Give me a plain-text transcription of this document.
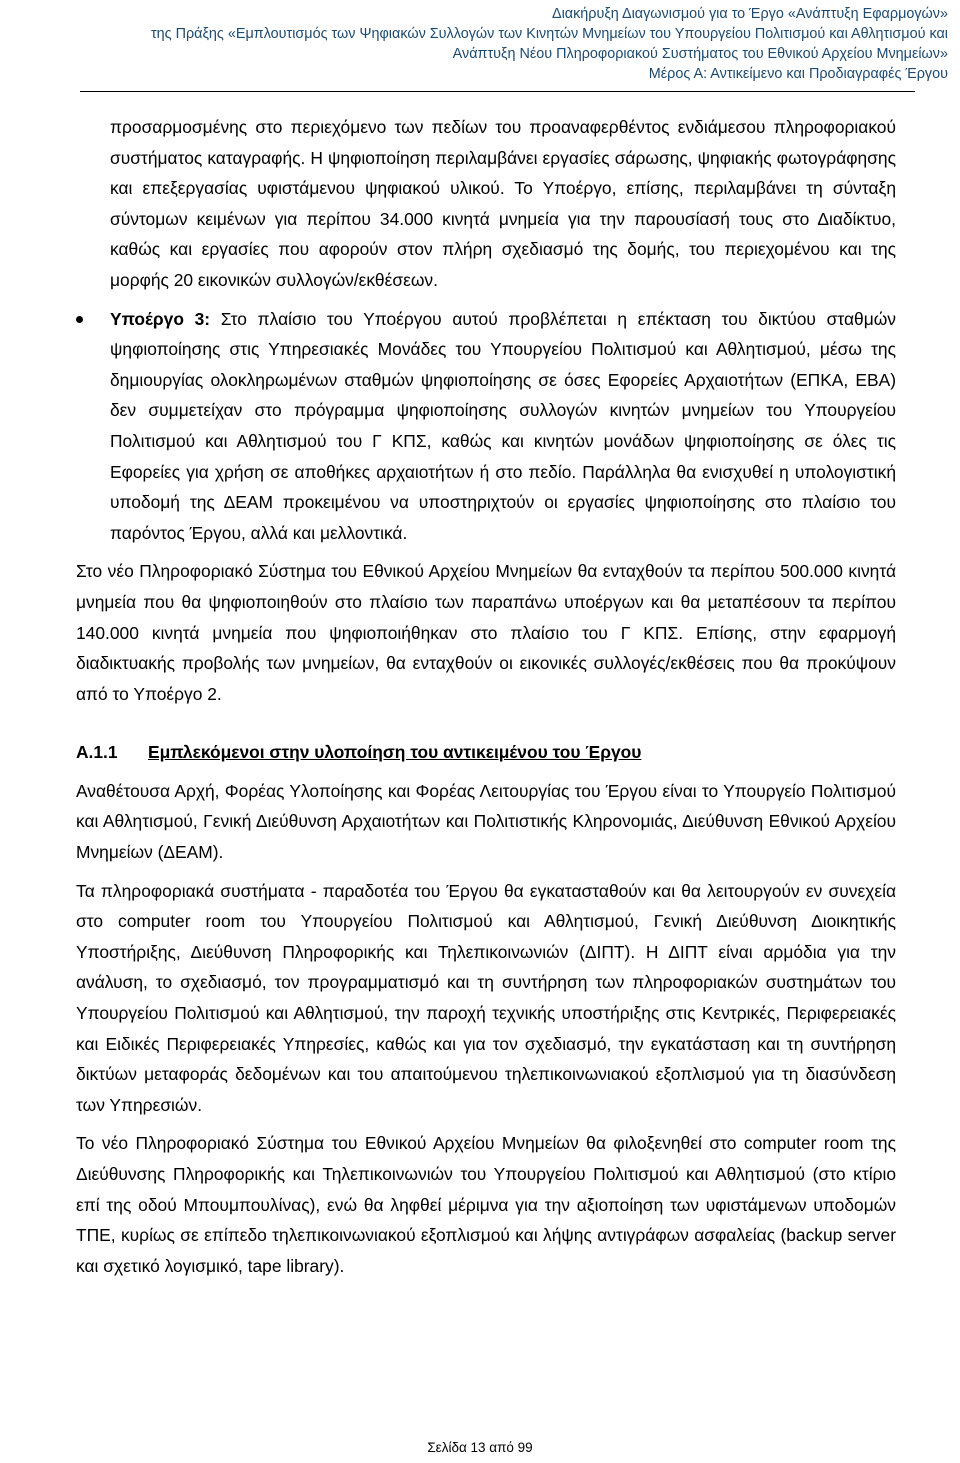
Διακήρυξη Διαγωνισμού για το Έργο «Ανάπτυξη Εφαρμογών»
της Πράξης «Εμπλουτισμός των Ψηφιακών Συλλογών των Κινητών Μνημείων του Υπουργείου Πολιτισμού και Αθλητισμού και
Ανάπτυξη Νέου Πληροφοριακού Συστήματος του Εθνικού Αρχείου Μνημείων»
Μέρος Α: Αντικείμενο και Προδιαγραφές Έργου

προσαρμοσμένης στο περιεχόμενο των πεδίων του προαναφερθέντος ενδιάμεσου πληροφοριακού συστήματος καταγραφής. Η ψηφιοποίηση περιλαμβάνει εργασίες σάρωσης, ψηφιακής φωτογράφησης και επεξεργασίας υφιστάμενου ψηφιακού υλικού. Το Υποέργο, επίσης, περιλαμβάνει τη σύνταξη σύντομων κειμένων για περίπου 34.000 κινητά μνημεία για την παρουσίασή τους στο Διαδίκτυο, καθώς και εργασίες που αφορούν στον πλήρη σχεδιασμό της δομής, του περιεχομένου και της μορφής 20 εικονικών συλλογών/εκθέσεων.

Υποέργο 3: Στο πλαίσιο του Υποέργου αυτού προβλέπεται η επέκταση του δικτύου σταθμών ψηφιοποίησης στις Υπηρεσιακές Μονάδες του Υπουργείου Πολιτισμού και Αθλητισμού, μέσω της δημιουργίας ολοκληρωμένων σταθμών ψηφιοποίησης σε όσες Εφορείες Αρχαιοτήτων (ΕΠΚΑ, ΕΒΑ) δεν συμμετείχαν στο πρόγραμμα ψηφιοποίησης συλλογών κινητών μνημείων του Υπουργείου Πολιτισμού και Αθλητισμού του Γ ΚΠΣ, καθώς και κινητών μονάδων ψηφιοποίησης σε όλες τις Εφορείες για χρήση σε αποθήκες αρχαιοτήτων ή στο πεδίο. Παράλληλα θα ενισχυθεί η υπολογιστική υποδομή της ΔΕΑΜ προκειμένου να υποστηριχτούν οι εργασίες ψηφιοποίησης στο πλαίσιο του παρόντος Έργου, αλλά και μελλοντικά.

Στο νέο Πληροφοριακό Σύστημα του Εθνικού Αρχείου Μνημείων θα ενταχθούν τα περίπου 500.000 κινητά μνημεία που θα ψηφιοποιηθούν στο πλαίσιο των παραπάνω υποέργων και θα μεταπέσουν τα περίπου 140.000 κινητά μνημεία που ψηφιοποιήθηκαν στο πλαίσιο του Γ ΚΠΣ. Επίσης, στην εφαρμογή διαδικτυακής προβολής των μνημείων, θα ενταχθούν οι εικονικές συλλογές/εκθέσεις που θα προκύψουν από το Υποέργο 2.

Α.1.1	Εμπλεκόμενοι στην υλοποίηση του αντικειμένου του Έργου

Αναθέτουσα Αρχή, Φορέας Υλοποίησης και Φορέας Λειτουργίας του Έργου είναι το Υπουργείο Πολιτισμού και Αθλητισμού, Γενική Διεύθυνση Αρχαιοτήτων και Πολιτιστικής Κληρονομιάς, Διεύθυνση Εθνικού Αρχείου Μνημείων (ΔΕΑΜ).

Τα πληροφοριακά συστήματα - παραδοτέα του Έργου θα εγκατασταθούν και θα λειτουργούν εν συνεχεία στο computer room του Υπουργείου Πολιτισμού και Αθλητισμού, Γενική Διεύθυνση Διοικητικής Υποστήριξης, Διεύθυνση Πληροφορικής και Τηλεπικοινωνιών (ΔΙΠΤ). Η ΔΙΠΤ είναι αρμόδια για την ανάλυση, το σχεδιασμό, τον προγραμματισμό και τη συντήρηση των πληροφοριακών συστημάτων του Υπουργείου Πολιτισμού και Αθλητισμού, την παροχή τεχνικής υποστήριξης στις Κεντρικές, Περιφερειακές και Ειδικές Περιφερειακές Υπηρεσίες, καθώς και για τον σχεδιασμό, την εγκατάσταση και τη συντήρηση δικτύων μεταφοράς δεδομένων και του απαιτούμενου τηλεπικοινωνιακού εξοπλισμού για τη διασύνδεση των Υπηρεσιών.

Το νέο Πληροφοριακό Σύστημα του Εθνικού Αρχείου Μνημείων θα φιλοξενηθεί στο computer room της Διεύθυνσης Πληροφορικής και Τηλεπικοινωνιών του Υπουργείου Πολιτισμού και Αθλητισμού (στο κτίριο επί της οδού Μπουμπουλίνας), ενώ θα ληφθεί μέριμνα για την αξιοποίηση των υφιστάμενων υποδομών ΤΠΕ, κυρίως σε επίπεδο τηλεπικοινωνιακού εξοπλισμού και λήψης αντιγράφων ασφαλείας (backup server και σχετικό λογισμικό, tape library).

Σελίδα 13 από 99
